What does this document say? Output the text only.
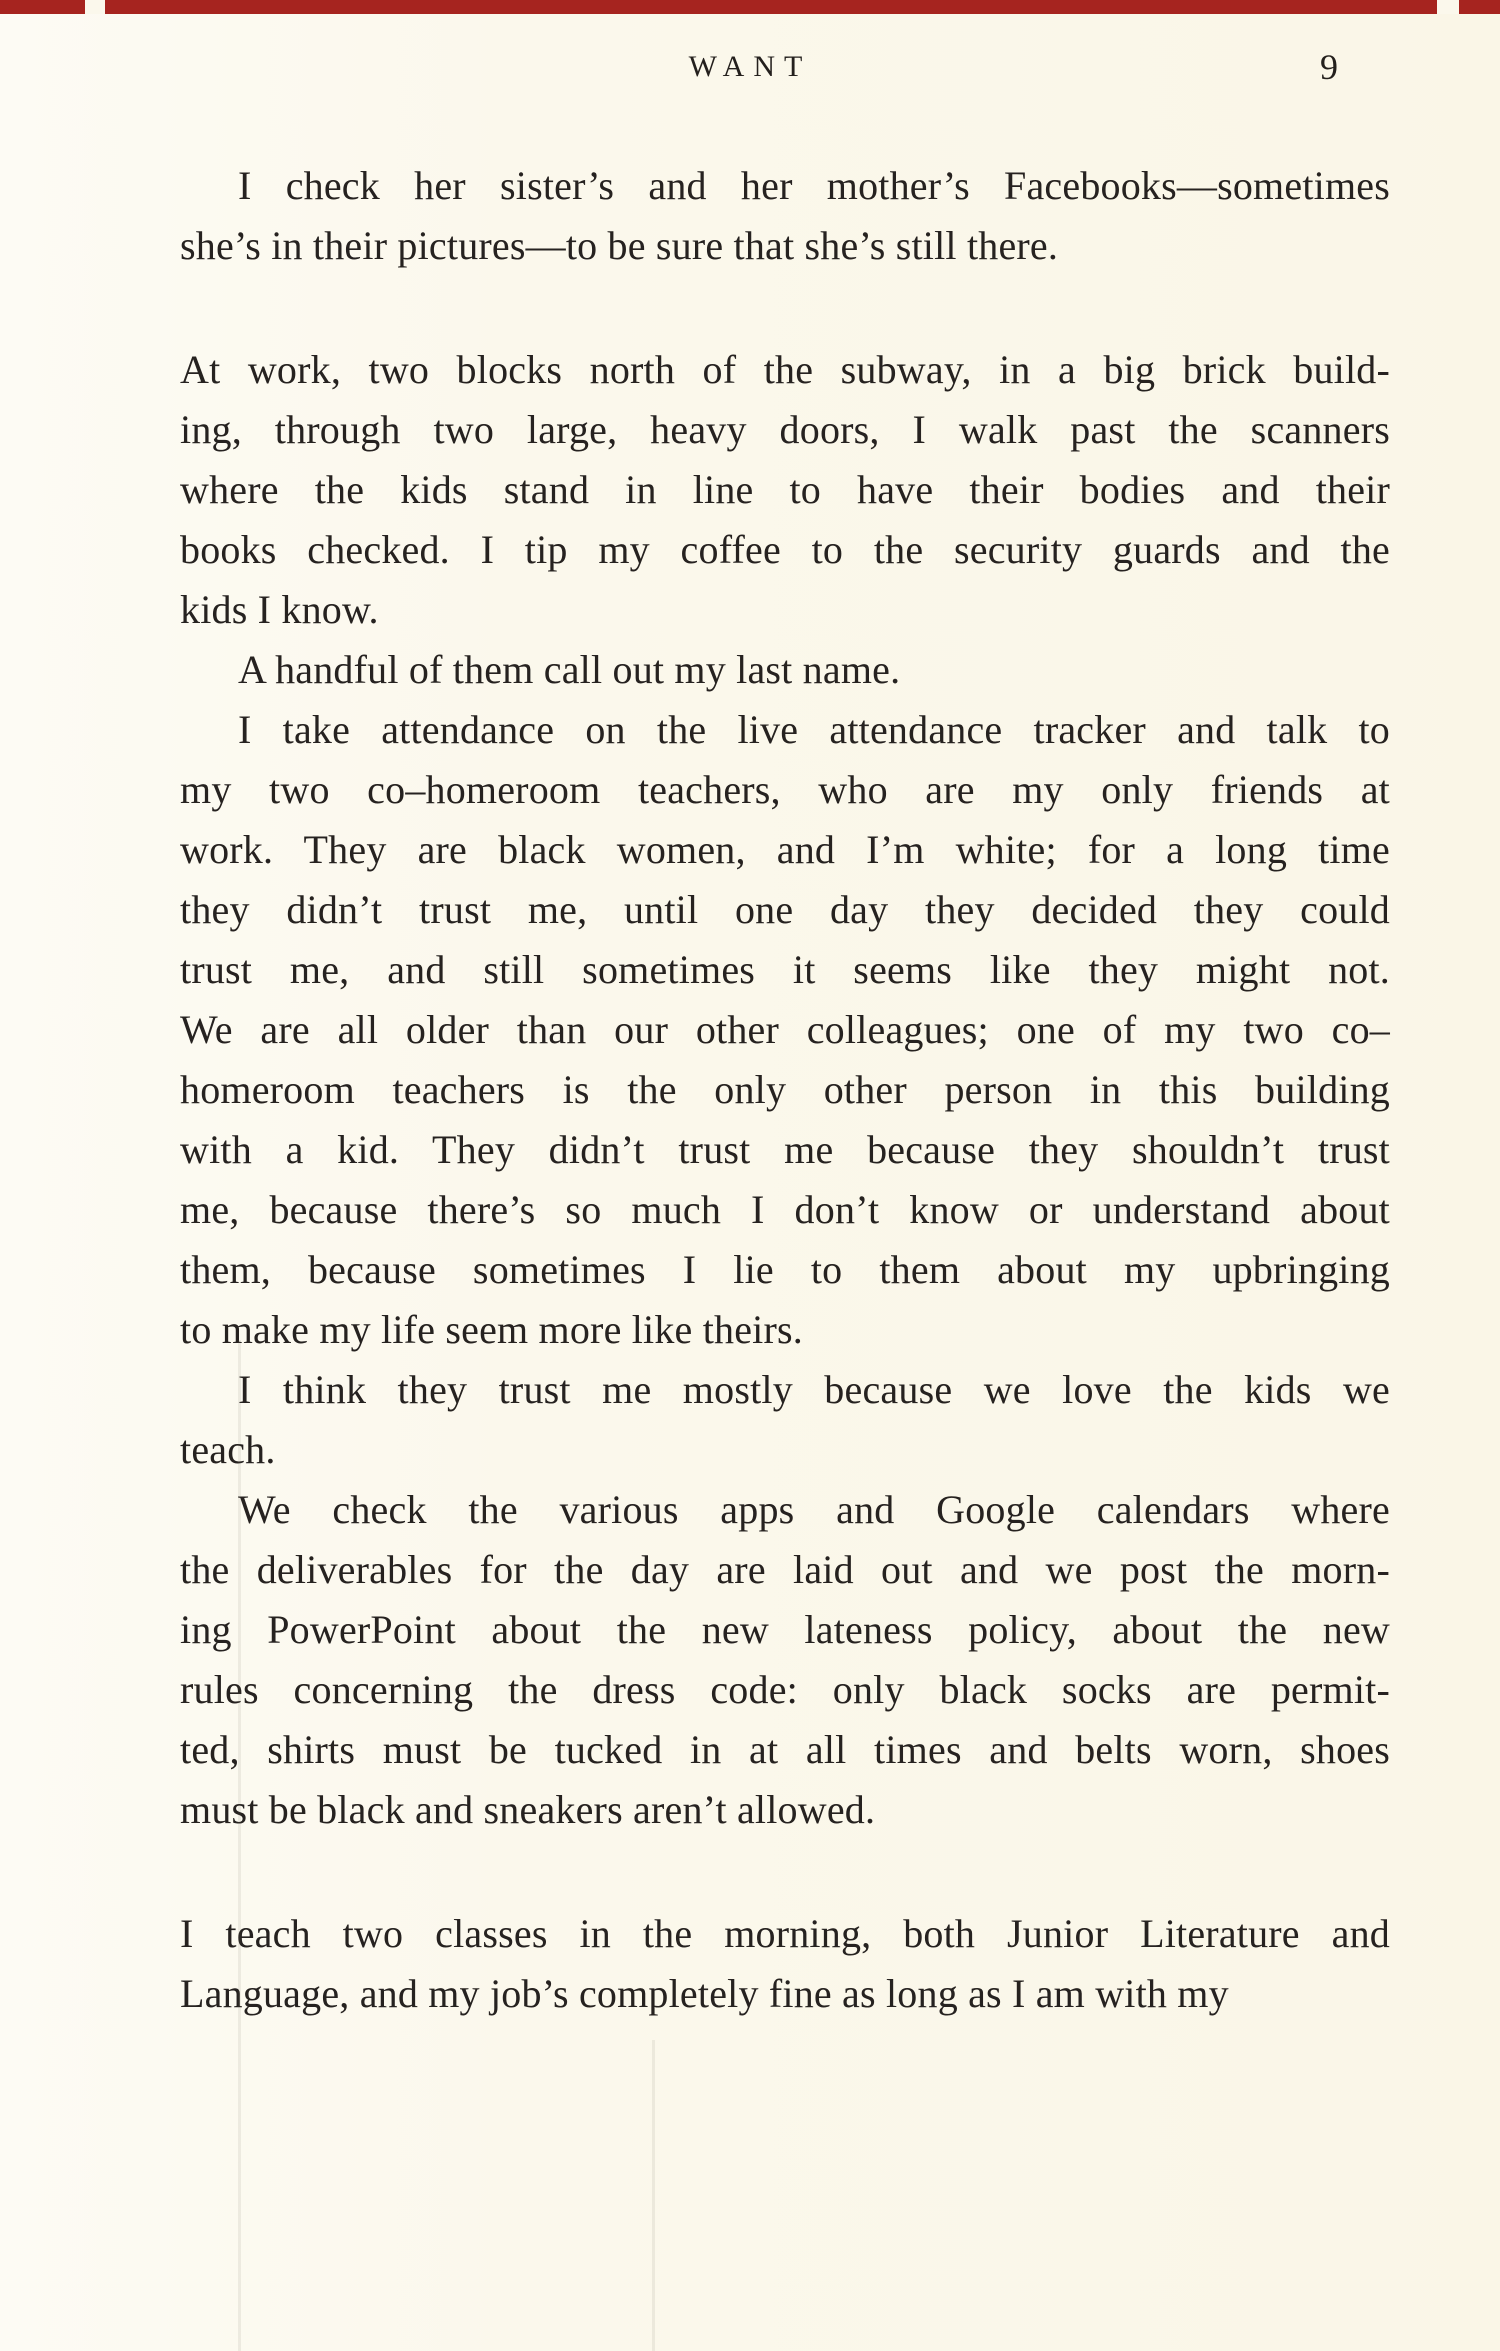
WANT	9
I check her sister’s and her mother’s Facebooks—sometimes
she’s in their pictures—to be sure that she’s still there.
At work, two blocks north of the subway, in a big brick build-
ing, through two large, heavy doors, I walk past the scanners
where the kids stand in line to have their bodies and their
books checked. I tip my coffee to the security guards and the
kids I know.
A handful of them call out my last name.
I take attendance on the live attendance tracker and talk to
my two co–homeroom teachers, who are my only friends at
work. They are black women, and I’m white; for a long time
they didn’t trust me, until one day they decided they could
trust me, and still sometimes it seems like they might not.
We are all older than our other colleagues; one of my two co–
homeroom teachers is the only other person in this building
with a kid. They didn’t trust me because they shouldn’t trust
me, because there’s so much I don’t know or understand about
them, because sometimes I lie to them about my upbringing
to make my life seem more like theirs.
I think they trust me mostly because we love the kids we
teach.
We check the various apps and Google calendars where
the deliverables for the day are laid out and we post the morn-
ing PowerPoint about the new lateness policy, about the new
rules concerning the dress code: only black socks are permit-
ted, shirts must be tucked in at all times and belts worn, shoes
must be black and sneakers aren’t allowed.
I teach two classes in the morning, both Junior Literature and
Language, and my job’s completely fine as long as I am with my
